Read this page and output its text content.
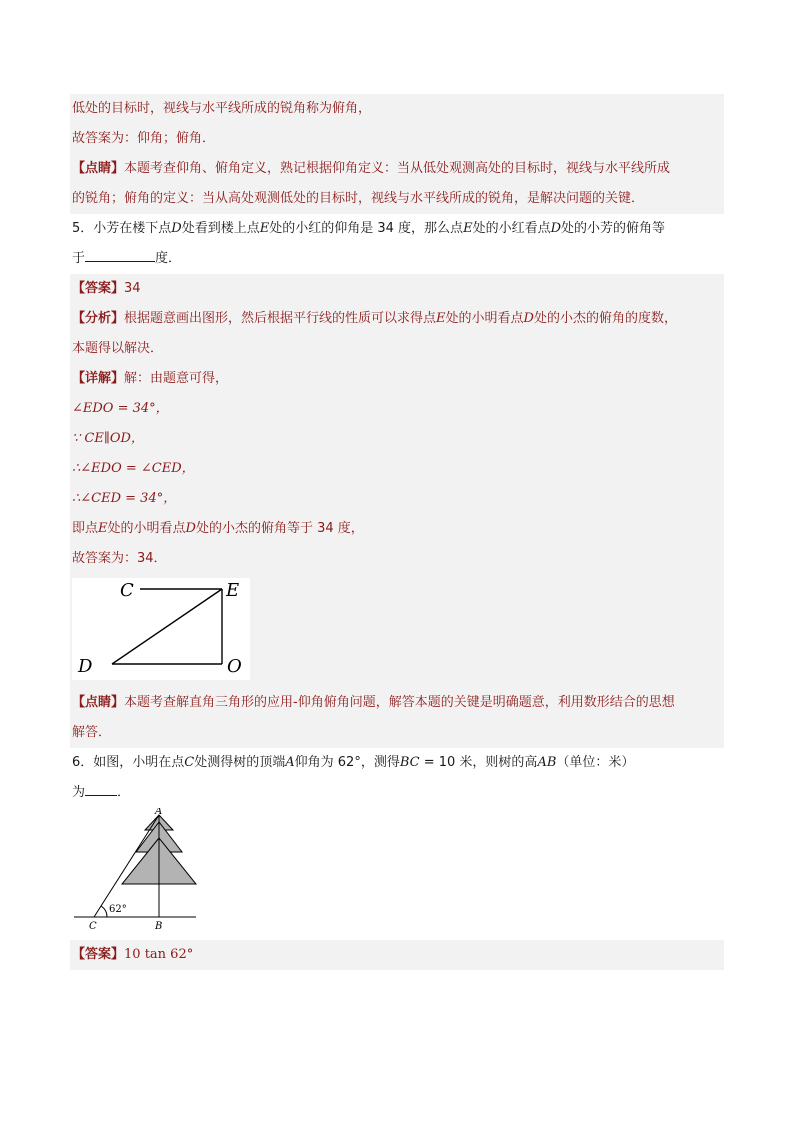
低处的目标时，视线与水平线所成的锐角称为俯角，
故答案为：仰角；俯角．
【点睛】本题考查仰角、俯角定义，熟记根据仰角定义：当从低处观测高处的目标时，视线与水平线所成
的锐角；俯角的定义：当从高处观测低处的目标时，视线与水平线所成的锐角，是解决问题的关键．
5．小芳在楼下点D处看到楼上点E处的小红的仰角是 34 度，那么点E处的小红看点D处的小芳的俯角等
于	度．
【答案】34
【分析】根据题意画出图形，然后根据平行线的性质可以求得点E处的小明看点D处的小杰的俯角的度数，
本题得以解决．
【详解】解：由题意可得，
∠EDO = 34°，
∵ CE∥OD，
∴∠EDO = ∠CED，
∴∠CED = 34°，
即点E处的小明看点D处的小杰的俯角等于 34 度，
故答案为：34．
C	E
D	O
【点睛】本题考查解直角三角形的应用-仰角俯角问题，解答本题的关键是明确题意，利用数形结合的思想
解答．
6．如图，小明在点C处测得树的顶端A仰角为 62°，测得BC = 10 米，则树的高AB（单位：米）
为 ．
A
B
C
62°
【答案】10 tan 62°
